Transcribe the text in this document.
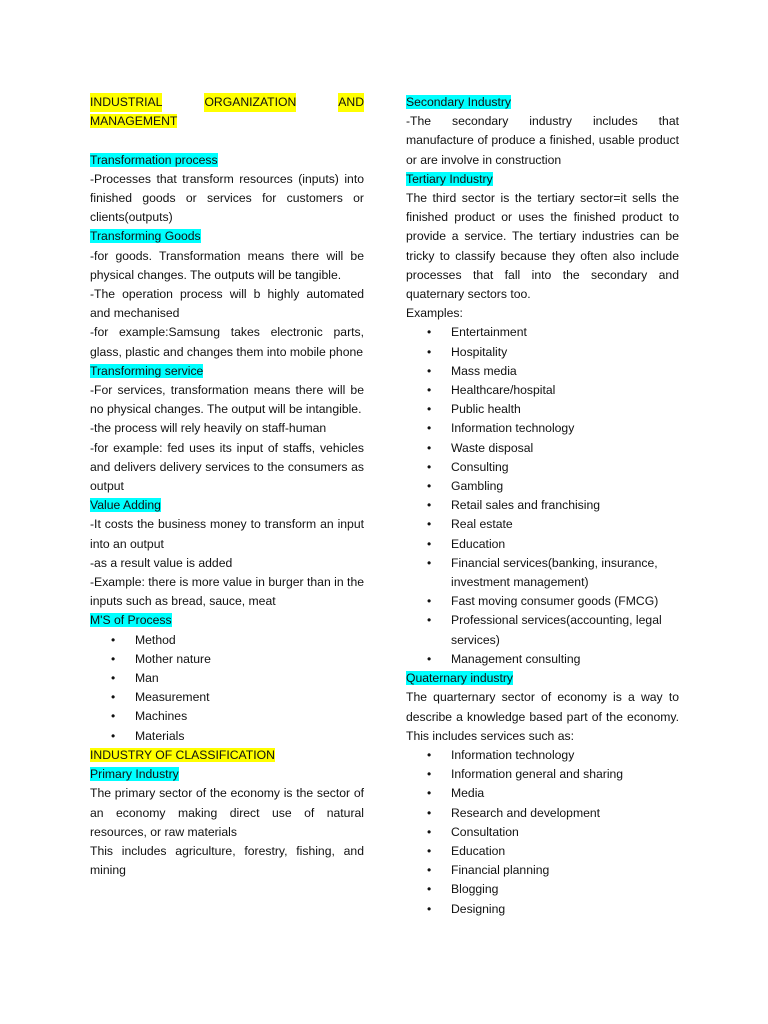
INDUSTRIAL	ORGANIZATION	AND
MANAGEMENT
Transformation process

-Processes that transform resources (inputs) into finished goods or services for customers or clients(outputs)

Transforming Goods

-for goods. Transformation means there will be physical changes. The outputs will be tangible.

-The operation process will b highly automated and mechanised

-for example:Samsung takes electronic parts, glass, plastic and changes them into mobile phone

Transforming service

-For services, transformation means there will be no physical changes. The output will be intangible.

-the process will rely heavily on staff-human

-for example: fed uses its input of staffs, vehicles and delivers delivery services to the consumers as output

Value Adding

-It costs the business money to transform an input into an output

-as a result value is added

-Example: there is more value in burger than in the inputs such as bread, sauce, meat

M'S of Process
• Method
• Mother nature
• Man
• Measurement
• Machines
• Materials
INDUSTRY OF CLASSIFICATION
Primary Industry

The primary sector of the economy is the sector of an economy making direct use of natural resources, or raw materials

This includes agriculture, forestry, fishing, and mining

Secondary Industry

-The secondary industry includes that manufacture of produce a finished, usable product or are involve in construction

Tertiary Industry

The third sector is the tertiary sector=it sells the finished product or uses the finished product to provide a service. The tertiary industries can be tricky to classify because they often also include processes that fall into the secondary and quaternary sectors too.

Examples:
• Entertainment
• Hospitality
• Mass media
• Healthcare/hospital
• Public health
• Information technology
• Waste disposal
• Consulting
• Gambling
• Retail sales and franchising
• Real estate
• Education
• Financial services(banking, insurance, investment management)
• Fast moving consumer goods (FMCG)
• Professional services(accounting, legal services)
• Management consulting
Quaternary industry

The quarternary sector of economy is a way to describe a knowledge based part of the economy. This includes services such as:

• Information technology
• Information general and sharing
• Media
• Research and development
• Consultation
• Education
• Financial planning
• Blogging
• Designing
